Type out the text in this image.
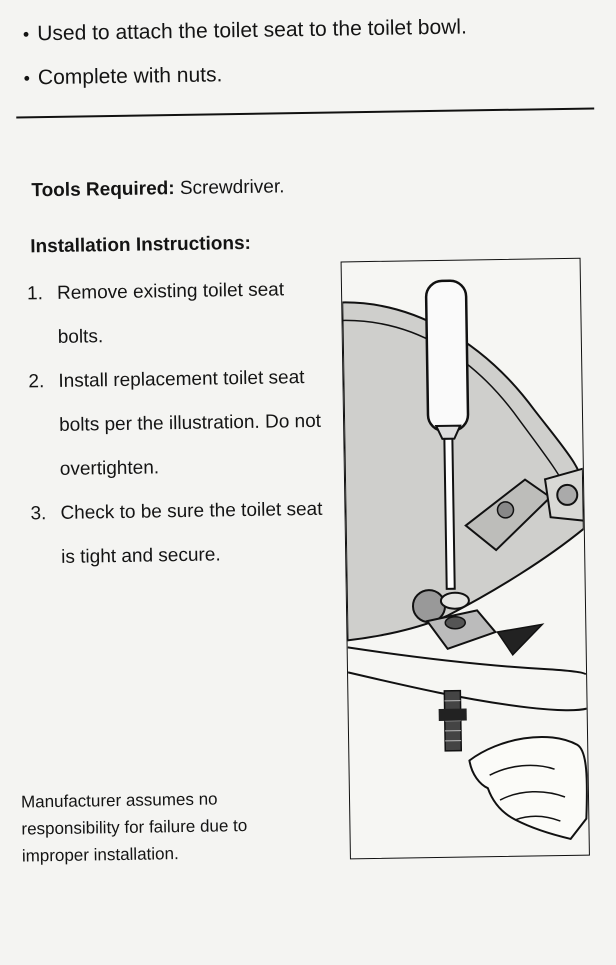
• Used to attach the toilet seat to the toilet bowl.
• Complete with nuts.
Tools Required: Screwdriver.
Installation Instructions:
1. Remove existing toilet seat bolts.
2. Install replacement toilet seat bolts per the illustration. Do not overtighten.
3. Check to be sure the toilet seat is tight and secure.
Manufacturer assumes no responsibility for failure due to improper installation.
